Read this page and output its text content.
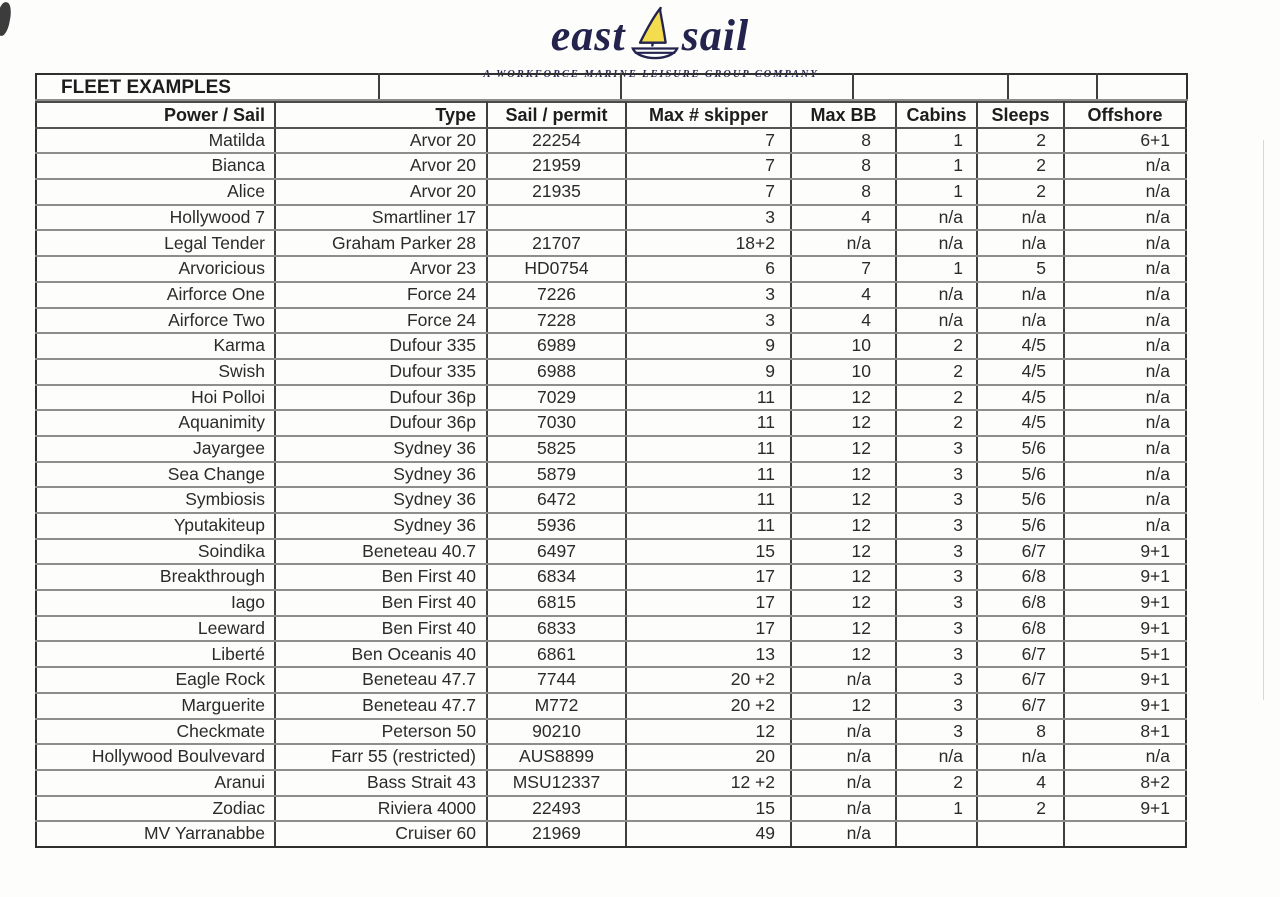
east sail
A WORKFORCE MARINE LEISURE GROUP COMPANY
FLEET EXAMPLES					
Power / Sail	Type	Sail / permit	Max # skipper	Max BB	Cabins	Sleeps	Offshore
Matilda	Arvor 20	22254	7	8	1	2	6+1
Bianca	Arvor 20	21959	7	8	1	2	n/a
Alice	Arvor 20	21935	7	8	1	2	n/a
Hollywood 7	Smartliner 17		3	4	n/a	n/a	n/a
Legal Tender	Graham Parker 28	21707	18+2	n/a	n/a	n/a	n/a
Arvoricious	Arvor 23	HD0754	6	7	1	5	n/a
Airforce One	Force 24	7226	3	4	n/a	n/a	n/a
Airforce Two	Force 24	7228	3	4	n/a	n/a	n/a
Karma	Dufour 335	6989	9	10	2	4/5	n/a
Swish	Dufour 335	6988	9	10	2	4/5	n/a
Hoi Polloi	Dufour 36p	7029	11	12	2	4/5	n/a
Aquanimity	Dufour 36p	7030	11	12	2	4/5	n/a
Jayargee	Sydney 36	5825	11	12	3	5/6	n/a
Sea Change	Sydney 36	5879	11	12	3	5/6	n/a
Symbiosis	Sydney 36	6472	11	12	3	5/6	n/a
Yputakiteup	Sydney 36	5936	11	12	3	5/6	n/a
Soindika	Beneteau 40.7	6497	15	12	3	6/7	9+1
Breakthrough	Ben First 40	6834	17	12	3	6/8	9+1
Iago	Ben First 40	6815	17	12	3	6/8	9+1
Leeward	Ben First 40	6833	17	12	3	6/8	9+1
Liberté	Ben Oceanis 40	6861	13	12	3	6/7	5+1
Eagle Rock	Beneteau 47.7	7744	20 +2	n/a	3	6/7	9+1
Marguerite	Beneteau 47.7	M772	20 +2	12	3	6/7	9+1
Checkmate	Peterson 50	90210	12	n/a	3	8	8+1
Hollywood Boulvevard	Farr 55 (restricted)	AUS8899	20	n/a	n/a	n/a	n/a
Aranui	Bass Strait 43	MSU12337	12 +2	n/a	2	4	8+2
Zodiac	Riviera 4000	22493	15	n/a	1	2	9+1
MV Yarranabbe	Cruiser 60	21969	49	n/a			
